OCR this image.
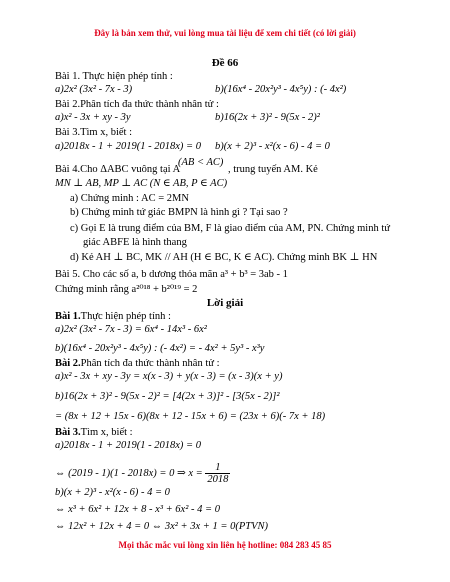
Đây là bản xem thử, vui lòng mua tài liệu để xem chi tiết (có lời giải)
Đề 66
Bài 1. Thực hiện phép tính :
a)2x² (3x² - 7x - 3)	b)(16x⁴ - 20x²y³ - 4x⁵y) : (- 4x²)
Bài 2.Phân tích đa thức thành nhân tử :
a)x² - 3x + xy - 3y	b)16(2x + 3)² - 9(5x - 2)²
Bài 3.Tìm x, biết :
a)2018x - 1 + 2019(1 - 2018x) = 0 b)(x + 2)³ - x²(x - 6) - 4 = 0
Bài 4.Cho ΔABC vuông tại A
(AB < AC)
, trung tuyến AM. Kẻ
MN ⊥ AB, MP ⊥ AC (N ∈ AB, P ∈ AC)
a) Chứng minh : AC = 2MN
b) Chứng minh tứ giác BMPN là hình gì ? Tại sao ?
c) Gọi E là trung điểm của BM, F là giao điểm của AM, PN. Chứng minh tứ
giác ABFE là hình thang
d) Kẻ AH ⊥ BC, MK // AH (H ∈ BC, K ∈ AC). Chứng minh BK ⊥ HN
Bài 5. Cho các số a, b dương thỏa mãn a³ + b³ = 3ab - 1
Chứng minh rằng a²⁰¹⁸ + b²⁰¹⁹ = 2
Lời giải
Bài 1.Thực hiện phép tính :
a)2x² (3x² - 7x - 3) = 6x⁴ - 14x³ - 6x²
b)(16x⁴ - 20x²y³ - 4x⁵y) : (- 4x²) = - 4x² + 5y³ - x³y
Bài 2.Phân tích đa thức thành nhân tử :
a)x² - 3x + xy - 3y = x(x - 3) + y(x - 3) = (x - 3)(x + y)
b)16(2x + 3)² - 9(5x - 2)² = [4(2x + 3)]² - [3(5x - 2)]²
= (8x + 12 + 15x - 6)(8x + 12 - 15x + 6) = (23x + 6)(- 7x + 18)
Bài 3.Tìm x, biết :
a)2018x - 1 + 2019(1 - 2018x) = 0
⇔ (2019 - 1)(1 - 2018x) = 0 ⇒ $x = \frac{1}{2018}$
b)(x + 2)³ - x²(x - 6) - 4 = 0
⇔ x³ + 6x² + 12x + 8 - x³ + 6x² - 4 = 0
⇔ 12x² + 12x + 4 = 0 ⇔ 3x² + 3x + 1 = 0(PTVN)
Mọi thắc mắc vui lòng xin liên hệ hotline: 084 283 45 85
